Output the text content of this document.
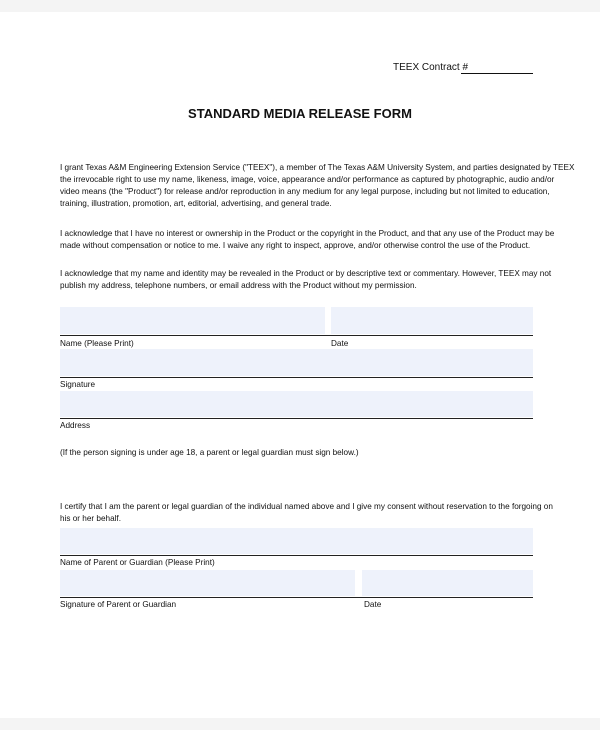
TEEX Contract #
STANDARD MEDIA RELEASE FORM
I grant Texas A&M Engineering Extension Service ("TEEX"), a member of The Texas A&M University System, and parties designated by TEEX
the irrevocable right to use my name, likeness, image, voice, appearance and/or performance as captured by photographic, audio and/or
video means (the "Product") for release and/or reproduction in any medium for any legal purpose, including but not limited to education,
training, illustration, promotion, art, editorial, advertising, and general trade.
I acknowledge that I have no interest or ownership in the Product or the copyright in the Product, and that any use of the Product may be
made without compensation or notice to me. I waive any right to inspect, approve, and/or otherwise control the use of the Product.
I acknowledge that my name and identity may be revealed in the Product or by descriptive text or commentary. However, TEEX may not
publish my address, telephone numbers, or email address with the Product without my permission.
Name (Please Print)	Date
Signature
Address
(If the person signing is under age 18, a parent or legal guardian must sign below.)
I certify that I am the parent or legal guardian of the individual named above and I give my consent without reservation to the forgoing on
his or her behalf.
Name of Parent or Guardian (Please Print)
Signature of Parent or Guardian	Date
